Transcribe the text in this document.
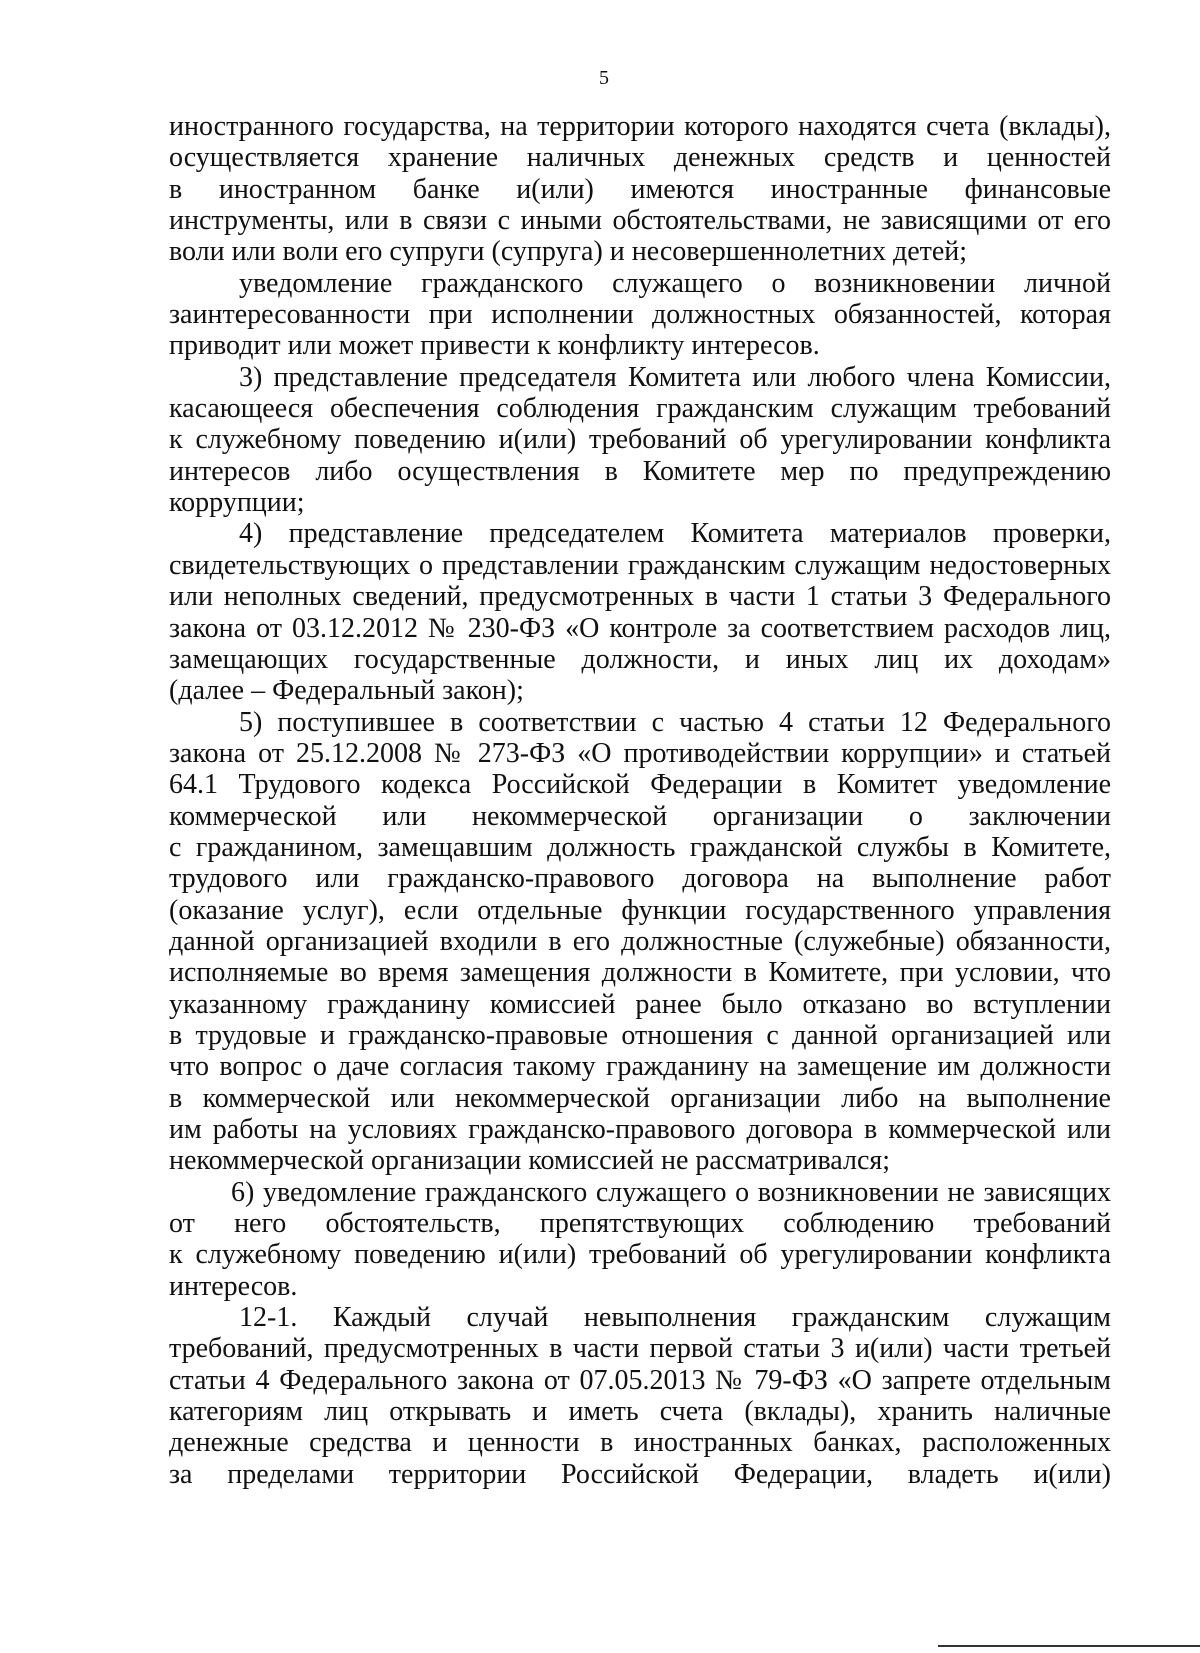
5
иностранного государства, на территории которого находятся счета (вклады),
осуществляется хранение наличных денежных средств и ценностей
в иностранном банке и(или) имеются иностранные финансовые
инструменты, или в связи с иными обстоятельствами, не зависящими от его
воли или воли его супруги (супруга) и несовершеннолетних детей;
уведомление гражданского служащего о возникновении личной
заинтересованности при исполнении должностных обязанностей, которая
приводит или может привести к конфликту интересов.
3) представление председателя Комитета или любого члена Комиссии,
касающееся обеспечения соблюдения гражданским служащим требований
к служебному поведению и(или) требований об урегулировании конфликта
интересов либо осуществления в Комитете мер по предупреждению
коррупции;
4) представление председателем Комитета материалов проверки,
свидетельствующих о представлении гражданским служащим недостоверных
или неполных сведений, предусмотренных в части 1 статьи 3 Федерального
закона от 03.12.2012 № 230-ФЗ «О контроле за соответствием расходов лиц,
замещающих государственные должности, и иных лиц их доходам»
(далее – Федеральный закон);
5) поступившее в соответствии с частью 4 статьи 12 Федерального
закона от 25.12.2008 № 273-ФЗ «О противодействии коррупции» и статьей
64.1 Трудового кодекса Российской Федерации в Комитет уведомление
коммерческой или некоммерческой организации о заключении
с гражданином, замещавшим должность гражданской службы в Комитете,
трудового или гражданско-правового договора на выполнение работ
(оказание услуг), если отдельные функции государственного управления
данной организацией входили в его должностные (служебные) обязанности,
исполняемые во время замещения должности в Комитете, при условии, что
указанному гражданину комиссией ранее было отказано во вступлении
в трудовые и гражданско-правовые отношения с данной организацией или
что вопрос о даче согласия такому гражданину на замещение им должности
в коммерческой или некоммерческой организации либо на выполнение
им работы на условиях гражданско-правового договора в коммерческой или
некоммерческой организации комиссией не рассматривался;
6) уведомление гражданского служащего о возникновении не зависящих
от него обстоятельств, препятствующих соблюдению требований
к служебному поведению и(или) требований об урегулировании конфликта
интересов.
12-1. Каждый случай невыполнения гражданским служащим
требований, предусмотренных в части первой статьи 3 и(или) части третьей
статьи 4 Федерального закона от 07.05.2013 № 79-ФЗ «О запрете отдельным
категориям лиц открывать и иметь счета (вклады), хранить наличные
денежные средства и ценности в иностранных банках, расположенных
за пределами территории Российской Федерации, владеть и(или)
